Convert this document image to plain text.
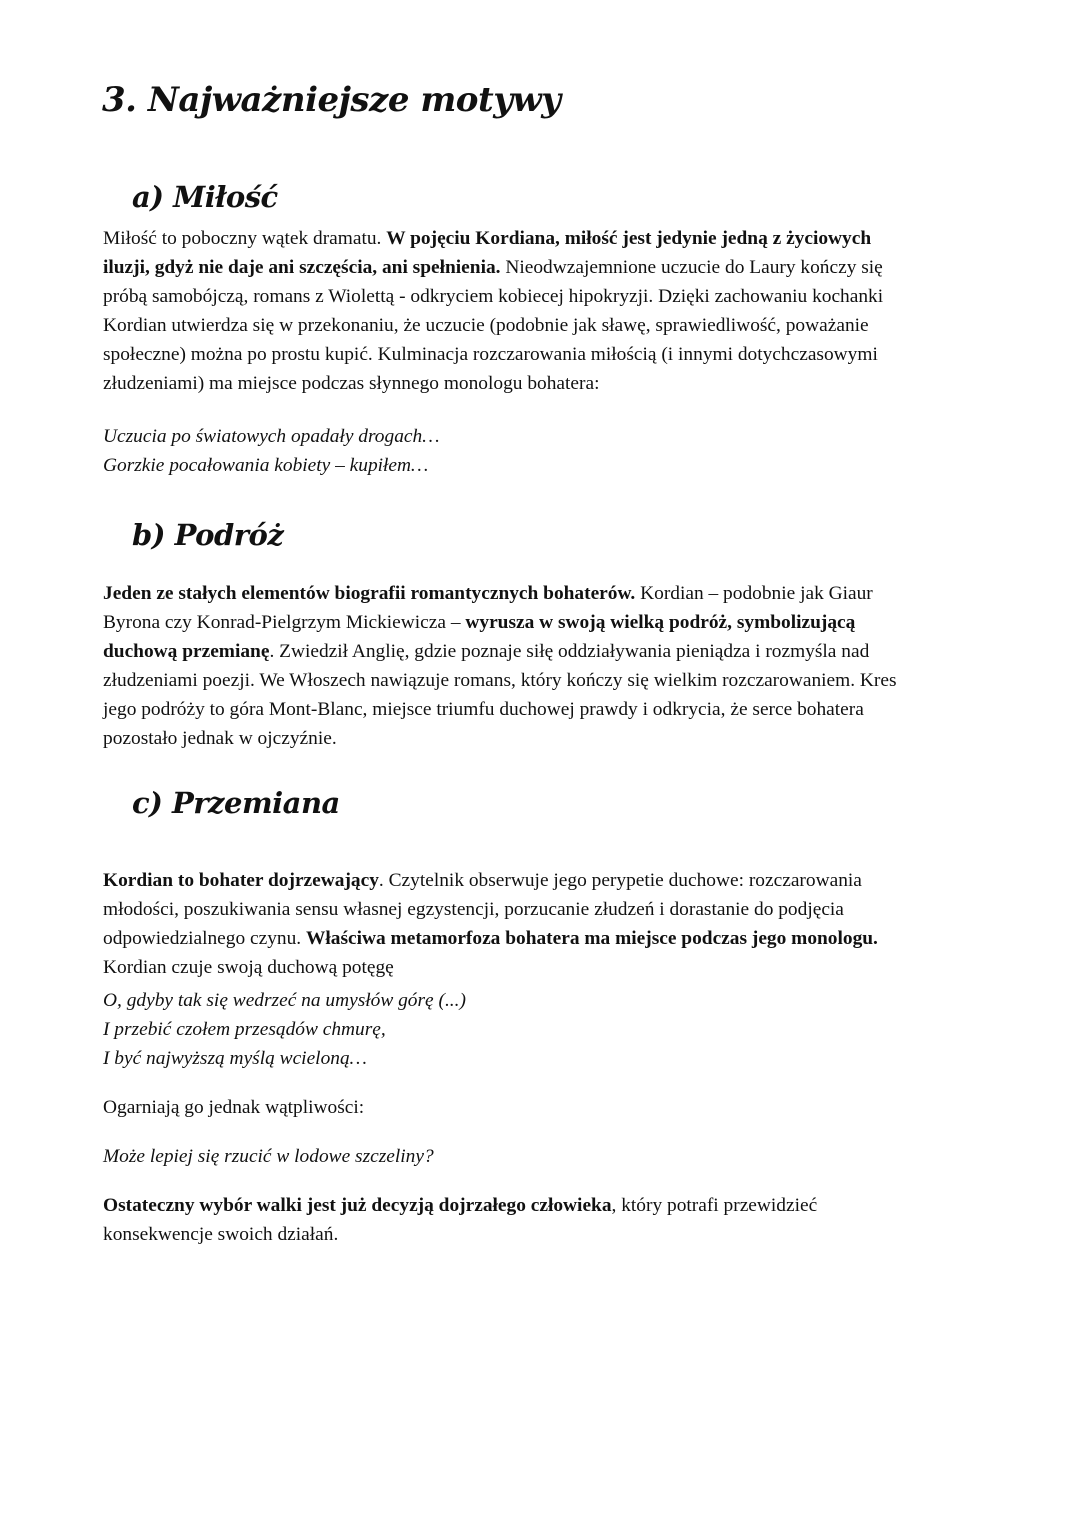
3. Najważniejsze motywy
a) Miłość
Miłość to poboczny wątek dramatu. W pojęciu Kordiana, miłość jest jedynie jedną z życiowych
iluzji, gdyż nie daje ani szczęścia, ani spełnienia. Nieodwzajemnione uczucie do Laury kończy się
próbą samobójczą, romans z Wiolettą - odkryciem kobiecej hipokryzji. Dzięki zachowaniu kochanki
Kordian utwierdza się w przekonaniu, że uczucie (podobnie jak sławę, sprawiedliwość, poważanie
społeczne) można po prostu kupić. Kulminacja rozczarowania miłością (i innymi dotychczasowymi
złudzeniami) ma miejsce podczas słynnego monologu bohatera:
Uczucia po światowych opadały drogach…
Gorzkie pocałowania kobiety – kupiłem…
b) Podróż
Jeden ze stałych elementów biografii romantycznych bohaterów. Kordian – podobnie jak Giaur
Byrona czy Konrad-Pielgrzym Mickiewicza – wyrusza w swoją wielką podróż, symbolizującą
duchową przemianę. Zwiedził Anglię, gdzie poznaje siłę oddziaływania pieniądza i rozmyśla nad
złudzeniami poezji. We Włoszech nawiązuje romans, który kończy się wielkim rozczarowaniem. Kres
jego podróży to góra Mont-Blanc, miejsce triumfu duchowej prawdy i odkrycia, że serce bohatera
pozostało jednak w ojczyźnie.
c) Przemiana
Kordian to bohater dojrzewający. Czytelnik obserwuje jego perypetie duchowe: rozczarowania
młodości, poszukiwania sensu własnej egzystencji, porzucanie złudzeń i dorastanie do podjęcia
odpowiedzialnego czynu. Właściwa metamorfoza bohatera ma miejsce podczas jego monologu.
Kordian czuje swoją duchową potęgę
O, gdyby tak się wedrzeć na umysłów górę (...)
I przebić czołem przesądów chmurę,
I być najwyższą myślą wcieloną…
Ogarniają go jednak wątpliwości:
Może lepiej się rzucić w lodowe szczeliny?
Ostateczny wybór walki jest już decyzją dojrzałego człowieka, który potrafi przewidzieć
konsekwencje swoich działań.
